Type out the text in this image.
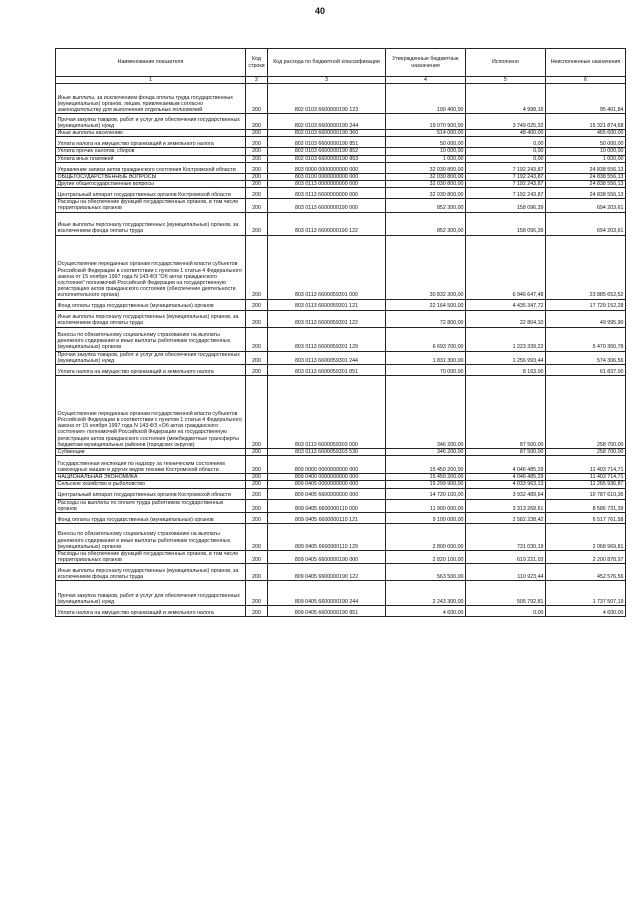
40
Наименование показателя	Код строки	Код расхода по бюджетной классификации	Утвержденные бюджетные назначения	Исполнено	Неисполненные назначения
1	2	3	4	5	6
Иные выплаты, за исключением фонда оплаты труда государственных (муниципальных) органов, лицам, привлекаемым согласно законодательству для выполнения отдельных полномочий	200	802 0103 6600000190 123	100 400,00	4 998,16	95 401,84
Прочая закупка товаров, работ и услуг для обеспечения государственных (муниципальных) нужд	200	802 0103 6600000190 244	19 070 900,00	3 749 025,32	15 321 874,68
Иные выплаты населению	200	802 0103 6600000190 360	514 000,00	48 400,00	465 600,00
Уплата налога на имущество организаций и земельного налога	200	802 0103 6600000190 851	50 000,00	0,00	50 000,00
Уплата прочих налогов, сборов	200	802 0103 6600000190 852	10 000,00	0,00	10 000,00
Уплата иных платежей	200	802 0103 6600000190 853	1 000,00	0,00	1 000,00
Управление записи актов гражданского состояния Костромской области	200	803 0000 0000000000 000	32 030 800,00	7 192 243,87	24 838 556,13
ОБЩЕГОСУДАРСТВЕННЫЕ ВОПРОСЫ	200	803 0100 0000000000 000	32 030 800,00	7 192 243,87	24 838 556,13
Другие общегосударственные вопросы	200	803 0113 0000000000 000	32 030 800,00	7 192 243,87	24 838 556,13
Центральный аппарат государственных органов Костромской области	200	803 0113 6600000000 000	32 030 800,00	7 192 243,87	24 838 556,13
Расходы на обеспечение функций государственных органов, в том числе территориальных органов	200	803 0113 6600000190 000	852 300,00	158 096,39	694 203,61
Иные выплаты персоналу государственных (муниципальных) органов, за исключением фонда оплаты труда	200	803 0113 6600000190 122	852 300,00	158 096,39	694 203,61
Осуществление переданных органам государственной власти субъектов Российской Федерации в соответствии с пунктом 1 статьи 4 Федерального закона от 15 ноября 1997 года N 143-ФЗ "Об актах гражданского состояния" полномочий Российской Федерации на государственную регистрацию актов гражданского состояния (обеспечение деятельности исполнительного органа)	200	803 0113 6600059301 000	30 832 300,00	6 946 647,48	23 885 652,52
Фонд оплаты труда государственных (муниципальных) органов	200	803 0113 6600059301 121	22 164 500,00	4 435 347,72	17 729 152,28
Иные выплаты персоналу государственных (муниципальных) органов, за исключением фонда оплаты труда	200	803 0113 6600059301 122	72 800,00	22 804,10	49 995,90
Взносы по обязательному социальному страхованию на выплаты денежного содержания и иные выплаты работникам государственных (муниципальных) органов	200	803 0113 6600059301 129	6 693 700,00	1 223 339,22	5 470 360,78
Прочая закупка товаров, работ и услуг для обеспечения государственных (муниципальных) нужд	200	803 0113 6600059301 244	1 831 300,00	1 256 993,44	574 306,56
Уплата налога на имущество организаций и земельного налога	200	803 0113 6600059301 851	70 000,00	8 163,00	61 837,00
Осуществление переданных органам государственной власти субъектов Российской Федерации в соответствии с пунктом 1 статьи 4 Федерального закона от 15 ноября 1997 года N 143-ФЗ «Об актах гражданского состояния» полномочий Российской Федерации на государственную регистрацию актов гражданского состояния (межбюджетные трансферты бюджетам муниципальных районов (городских округов)	200	803 0113 6600059303 000	346 200,00	87 500,00	258 700,00
Субвенции	200	803 0113 6600059303 530	346 200,00	87 500,00	258 700,00
Государственная инспекция по надзору за техническим состоянием самоходных машин и других видов техники Костромской области	200	809 0000 0000000000 000	15 450 200,00	4 046 485,29	11 403 714,71
НАЦИОНАЛЬНАЯ ЭКОНОМИКА	200	809 0400 0000000000 000	15 450 200,00	4 046 485,29	11 403 714,71
Сельское хозяйство и рыболовство	200	809 0405 0000000000 000	15 299 900,00	4 033 963,13	11 265 936,87
Центральный аппарат государственных органов Костромской области	200	809 0405 6600000000 000	14 720 100,00	3 932 489,64	10 787 610,36
Расходы на выплаты по оплате труда работников государственных органов	200	809 0405 6600000110 000	11 900 000,00	3 313 268,61	8 586 731,39
Фонд оплаты труда государственных (муниципальных) органов	200	809 0405 6600000110 121	9 100 000,00	2 582 238,42	6 517 761,58
Взносы по обязательному социальному страхованию на выплаты денежного содержания и иные выплаты работникам государственных (муниципальных) органов	200	809 0405 6600000110 129	2 800 000,00	731 030,19	2 068 969,81
Расходы на обеспечение функций государственных органов, в том числе территориальных органов	200	809 0405 6600000190 000	2 820 100,00	619 221,03	2 200 878,97
Иные выплаты персоналу государственных (муниципальных) органов, за исключением фонда оплаты труда	200	809 0405 6600000190 122	563 500,00	110 923,44	452 576,56
Прочая закупка товаров, работ и услуг для обеспечения государственных (муниципальных) нужд	200	809 0405 6600000190 244	2 243 300,00	505 792,81	1 737 507,19
Уплата налога на имущество организаций и земельного налога	200	809 0405 6600000190 851	4 600,00	0,00	4 600,00
